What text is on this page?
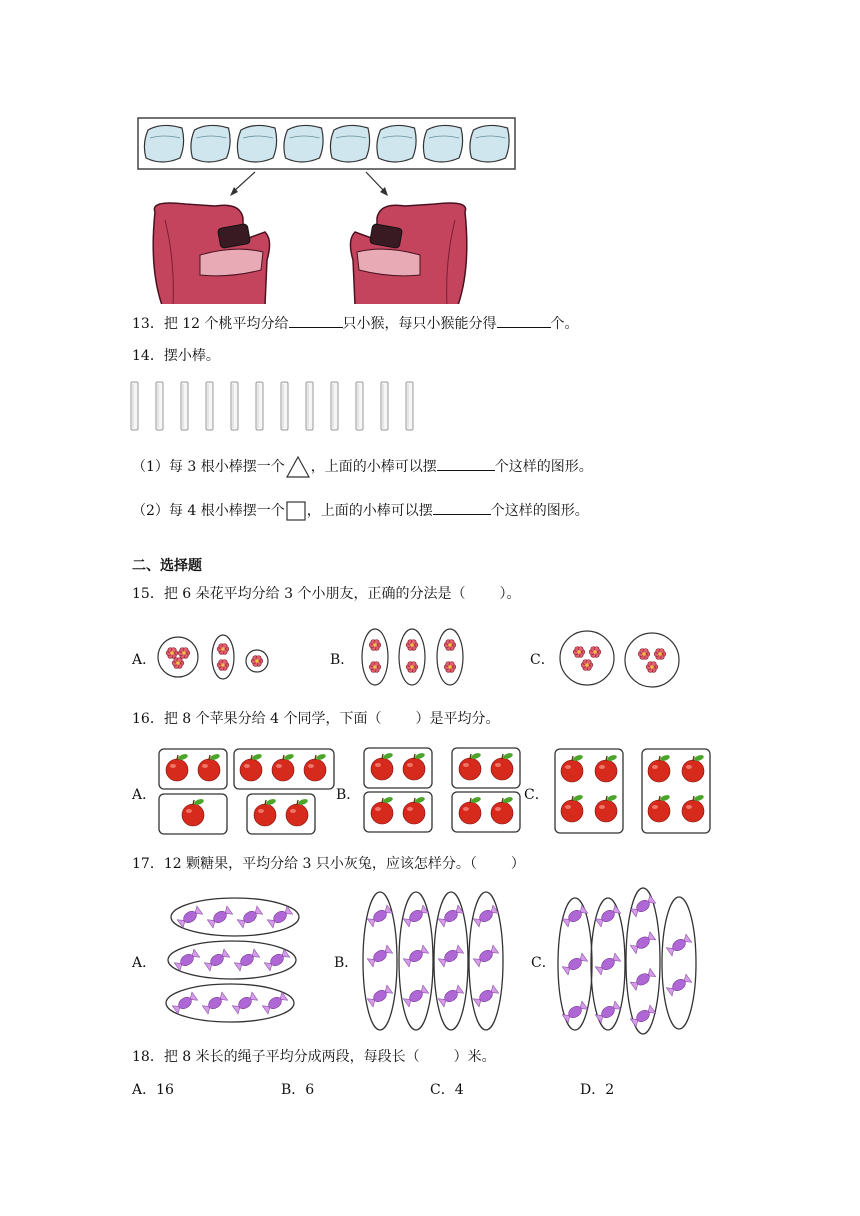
13．把 12 个桃平均分给	只小猴，每只小猴能分得	个。
14．摆小棒。
（1）每 3 根小棒摆一个 ，上面的小棒可以摆	个这样的图形。
（2）每 4 根小棒摆一个 ，上面的小棒可以摆	个这样的图形。
二、选择题
15．把 6 朵花平均分给 3 个小朋友，正确的分法是（ ）。
A．	B．	C．
16．把 8 个苹果分给 4 个同学，下面（ ）是平均分。
A．	B．	C．
17．12 颗糖果，平均分给 3 只小灰兔，应该怎样分。（ ）
A．	B．	C．
18．把 8 米长的绳子平均分成两段，每段长（ ）米。
A．16	B．6	C．4	D．2
